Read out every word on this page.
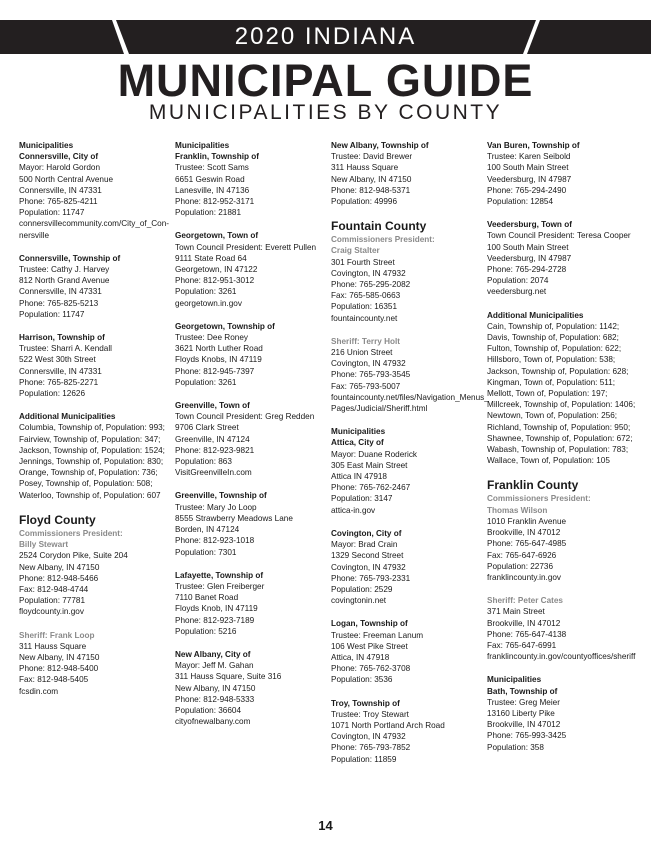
2020 INDIANA
MUNICIPAL GUIDE
MUNICIPALITIES BY COUNTY
Municipalities
Connersville, City of
Mayor: Harold Gordon
500 North Central Avenue
Connersville, IN 47331
Phone: 765-825-4211
Population: 11747
connersvillecommunity.com/City_of_Con-
nersville
Connersville, Township of
Trustee: Cathy J. Harvey
812 North Grand Avenue
Connersville, IN 47331
Phone: 765-825-5213
Population: 11747
Harrison, Township of
Trustee: Sharri A. Kendall
522 West 30th Street
Connersville, IN 47331
Phone: 765-825-2271
Population: 12626
Additional Municipalities
Columbia, Township of, Population: 993; Fairview, Township of, Population: 347; Jackson, Township of, Population: 1524; Jennings, Township of, Population: 830; Orange, Township of, Population: 736; Posey, Township of, Population: 508; Waterloo, Township of, Population: 607
Floyd County
Commissioners President:
Billy Stewart
2524 Corydon Pike, Suite 204
New Albany, IN 47150
Phone: 812-948-5466
Fax: 812-948-4744
Population: 77781
floydcounty.in.gov
Sheriff: Frank Loop
311 Hauss Square
New Albany, IN 47150
Phone: 812-948-5400
Fax: 812-948-5405
fcsdin.com
Municipalities
Franklin, Township of
Trustee: Scott Sams
6651 Geswin Road
Lanesville, IN 47136
Phone: 812-952-3171
Population: 21881
Georgetown, Town of
Town Council President: Everett Pullen
9111 State Road 64
Georgetown, IN 47122
Phone: 812-951-3012
Population: 3261
georgetown.in.gov
Georgetown, Township of
Trustee: Dee Roney
3621 North Luther Road
Floyds Knobs, IN 47119
Phone: 812-945-7397
Population: 3261
Greenville, Town of
Town Council President: Greg Redden
9706 Clark Street
Greenville, IN 47124
Phone: 812-923-9821
Population: 863
VisitGreenvilleIn.com
Greenville, Township of
Trustee: Mary Jo Loop
8555 Strawberry Meadows Lane
Borden, IN 47124
Phone: 812-923-1018
Population: 7301
Lafayette, Township of
Trustee: Glen Freiberger
7110 Banet Road
Floyds Knob, IN 47119
Phone: 812-923-7189
Population: 5216
New Albany, City of
Mayor: Jeff M. Gahan
311 Hauss Square, Suite 316
New Albany, IN 47150
Phone: 812-948-5333
Population: 36604
cityofnewalbany.com
New Albany, Township of
Trustee: David Brewer
311 Hauss Square
New Albany, IN 47150
Phone: 812-948-5371
Population: 49996
Fountain County
Commissioners President:
Craig Stalter
301 Fourth Street
Covington, IN 47932
Phone: 765-295-2082
Fax: 765-585-0663
Population: 16351
fountaincounty.net
Sheriff: Terry Holt
216 Union Street
Covington, IN 47932
Phone: 765-793-3545
Fax: 765-793-5007
fountaincounty.net/files/Navigation_Menus_
Pages/Judicial/Sheriff.html
Municipalities
Attica, City of
Mayor: Duane Roderick
305 East Main Street
Attica IN 47918
Phone: 765-762-2467
Population: 3147
attica-in.gov
Covington, City of
Mayor: Brad Crain
1329 Second Street
Covington, IN 47932
Phone: 765-793-2331
Population: 2529
covingtonin.net
Logan, Township of
Trustee: Freeman Lanum
106 West Pike Street
Attica, IN 47918
Phone: 765-762-3708
Population: 3536
Troy, Township of
Trustee: Troy Stewart
1071 North Portland Arch Road
Covington, IN 47932
Phone: 765-793-7852
Population: 11859
Van Buren, Township of
Trustee: Karen Seibold
100 South Main Street
Veedersburg, IN 47987
Phone: 765-294-2490
Population: 12854
Veedersburg, Town of
Town Council President: Teresa Cooper
100 South Main Street
Veedersburg, IN 47987
Phone: 765-294-2728
Population: 2074
veedersburg.net
Additional Municipalities
Cain, Township of, Population: 1142; Davis, Township of, Population: 682; Fulton, Township of, Population: 622; Hillsboro, Town of, Population: 538; Jackson, Township of, Population: 628; Kingman, Town of, Population: 511; Mellott, Town of, Population: 197; Millcreek, Township of, Population: 1406; Newtown, Town of, Population: 256; Richland, Township of, Population: 950; Shawnee, Township of, Population: 672; Wabash, Township of, Population: 783; Wallace, Town of, Population: 105
Franklin County
Commissioners President:
Thomas Wilson
1010 Franklin Avenue
Brookville, IN 47012
Phone: 765-647-4985
Fax: 765-647-6926
Population: 22736
franklincounty.in.gov
Sheriff: Peter Cates
371 Main Street
Brookville, IN 47012
Phone: 765-647-4138
Fax: 765-647-6991
franklincounty.in.gov/countyoffices/sheriff
Municipalities
Bath, Township of
Trustee: Greg Meier
13160 Liberty Pike
Brookville, IN 47012
Phone: 765-993-3425
Population: 358
14
